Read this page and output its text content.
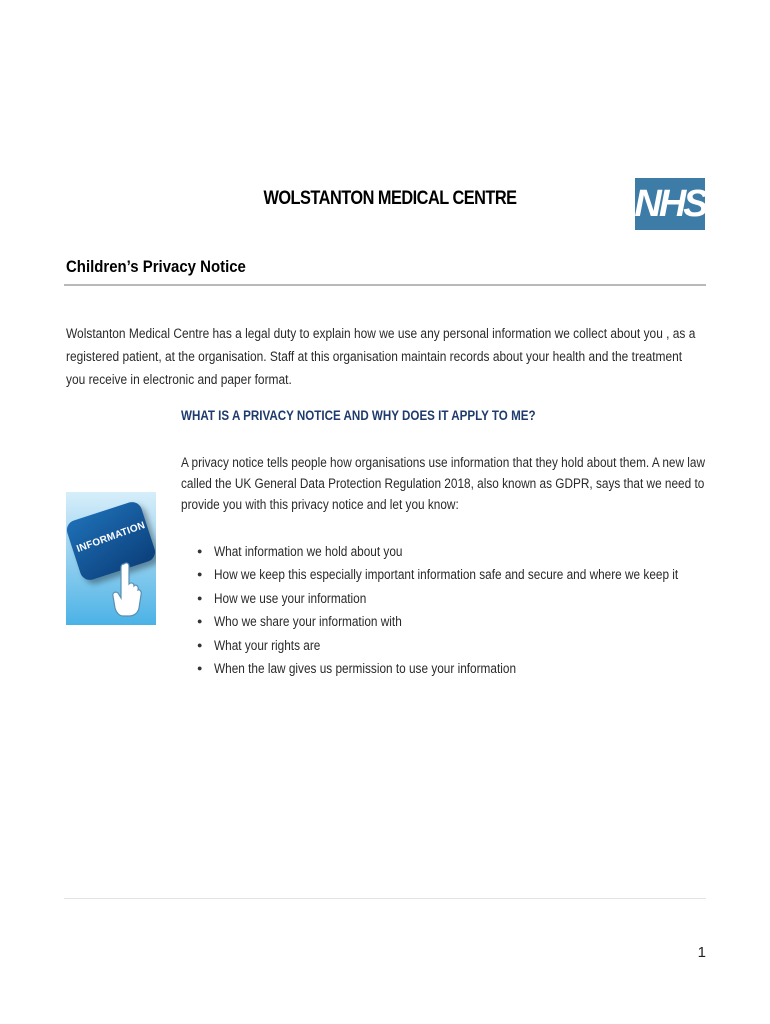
WOLSTANTON MEDICAL CENTRE	NHS
Children’s Privacy Notice
Wolstanton Medical Centre has a legal duty to explain how we use any personal information we collect about you , as a registered patient, at the organisation. Staff at this organisation maintain records about your health and the treatment you receive in electronic and paper format.
WHAT IS A PRIVACY NOTICE AND WHY DOES IT APPLY TO ME?
A privacy notice tells people how organisations use information that they hold about them. A new law called the UK General Data Protection Regulation 2018, also known as GDPR, says that we need to provide you with this privacy notice and let you know:
INFORMATION	● What information we hold about you
● How we keep this especially important information safe and secure and where we keep it
● How we use your information
● Who we share your information with
● What your rights are
● When the law gives us permission to use your information
1
